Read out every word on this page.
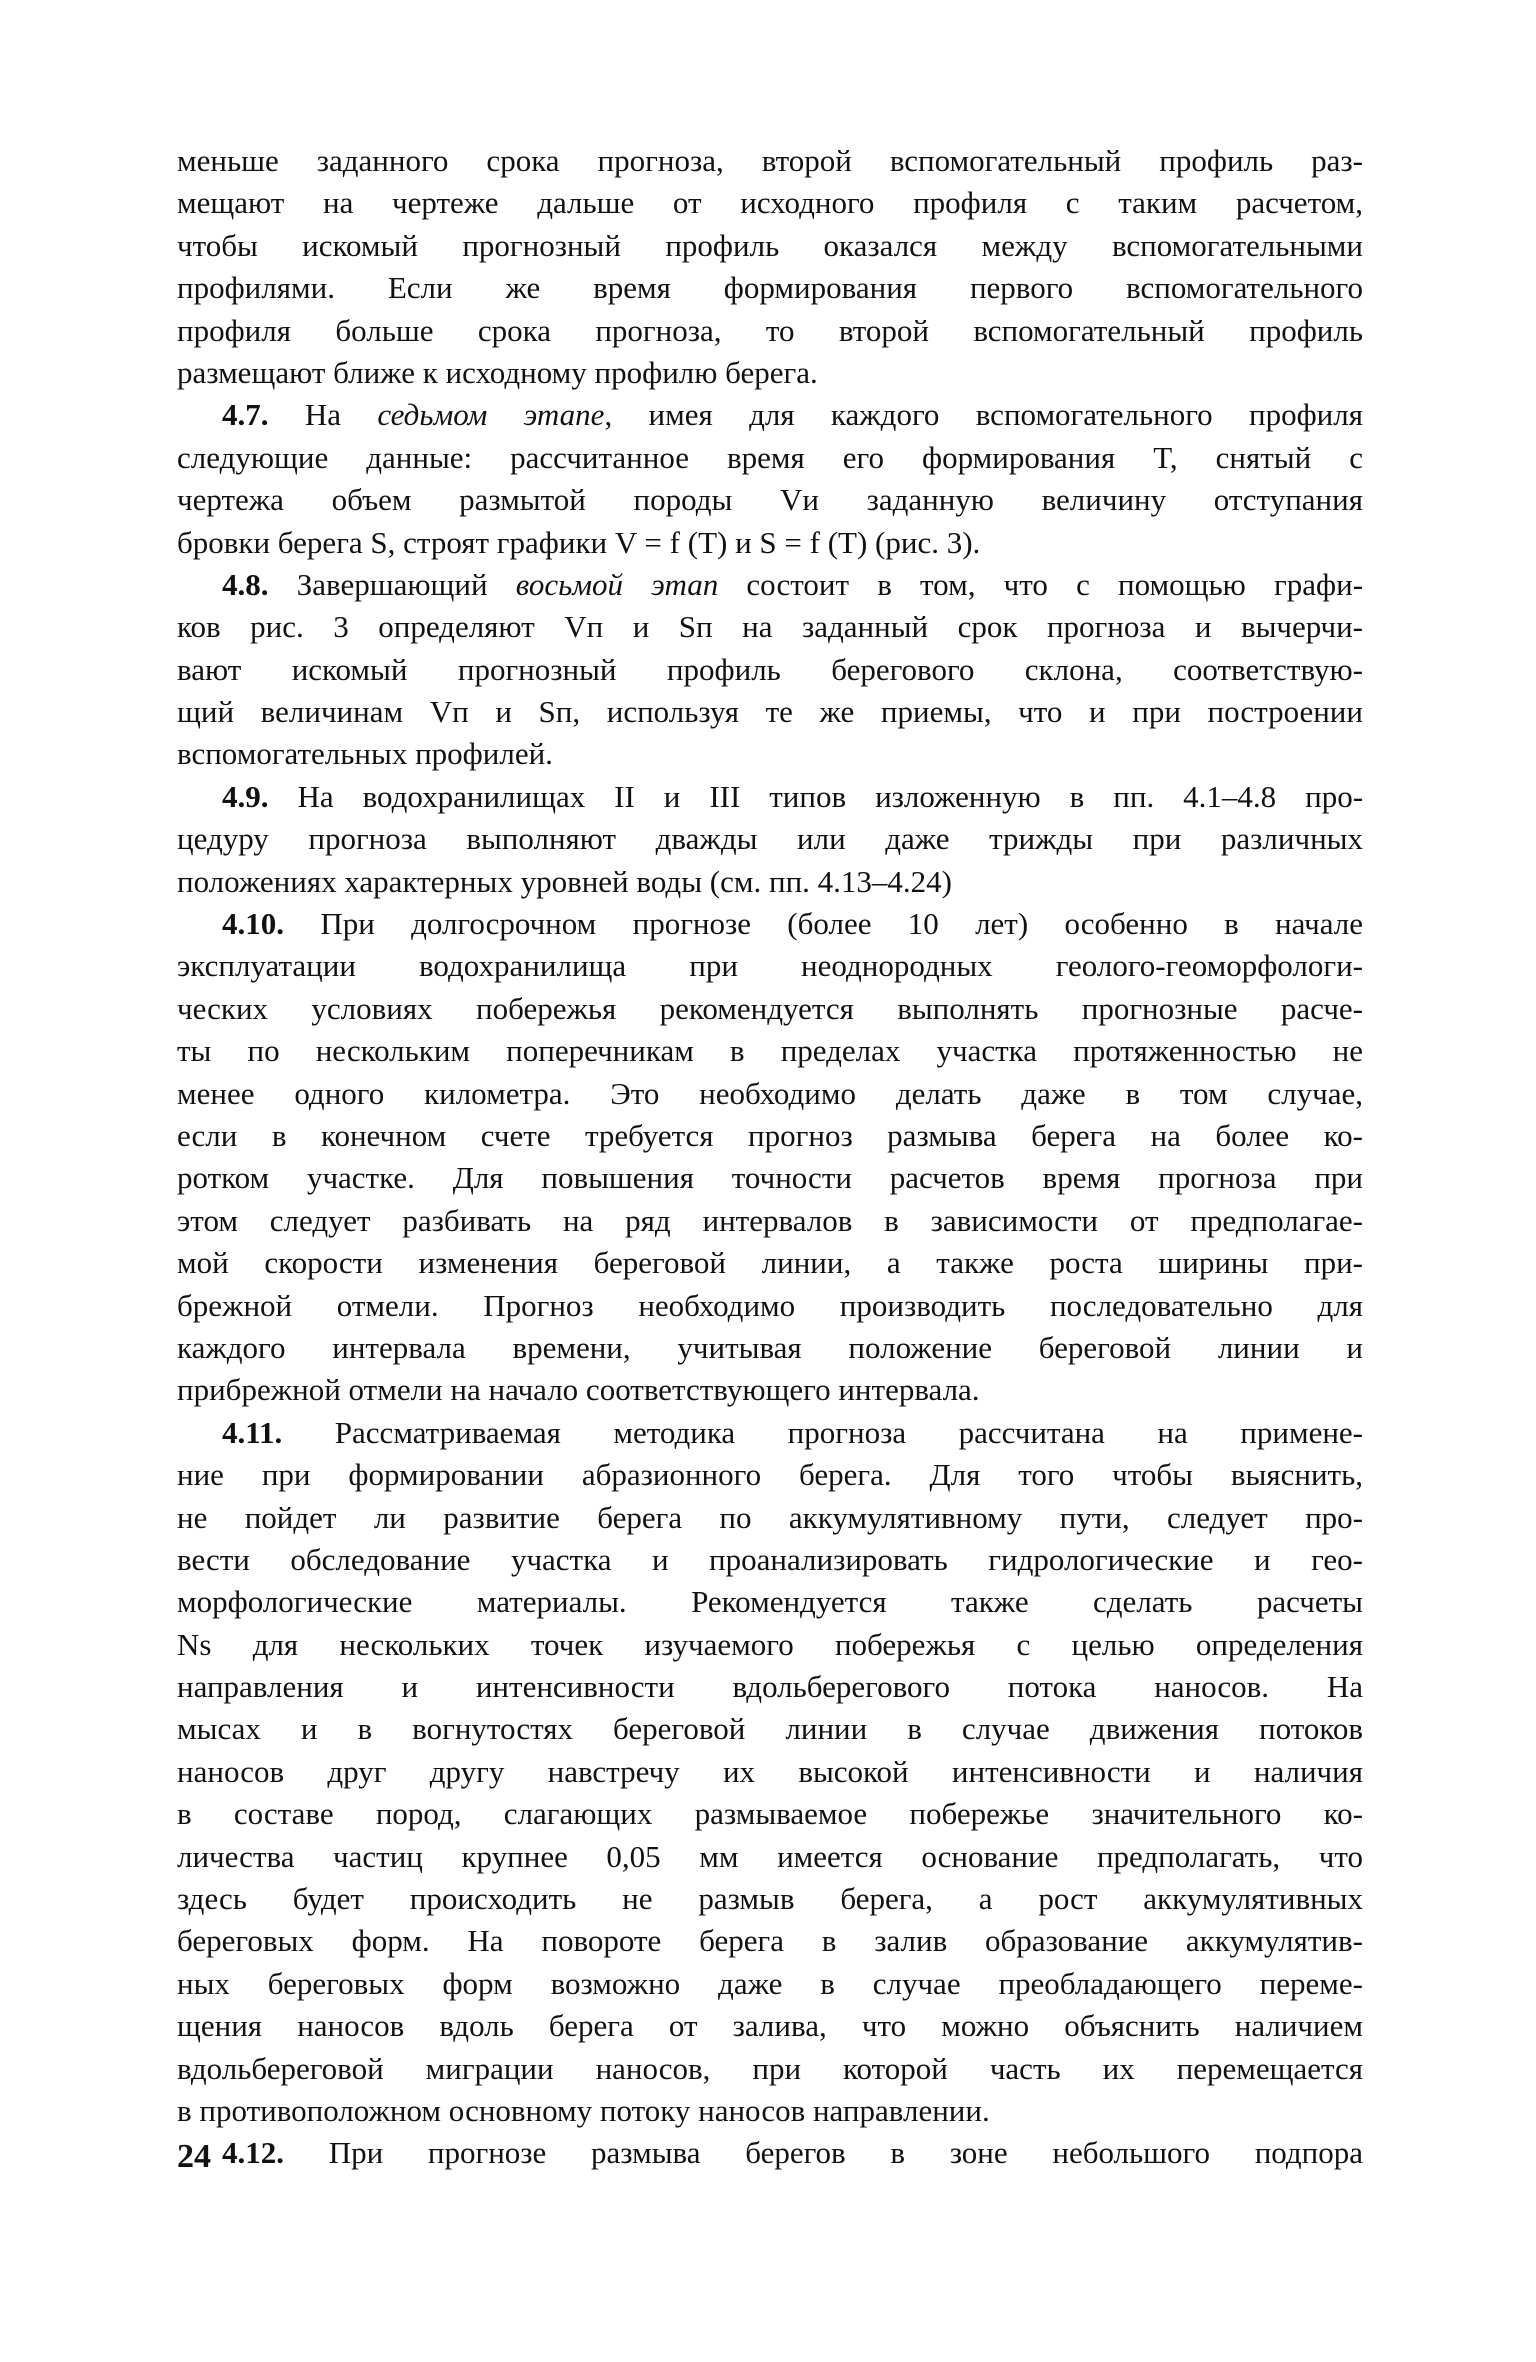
меньше заданного срока прогноза, второй вспомогательный профиль раз-
мещают на чертеже дальше от исходного профиля с таким расчетом,
чтобы искомый прогнозный профиль оказался между вспомогательными
профилями. Если же время формирования первого вспомогательного
профиля больше срока прогноза, то второй вспомогательный профиль
размещают ближе к исходному профилю берега.
4.7. На седьмом этапе, имея для каждого вспомогательного профиля
следующие данные: рассчитанное время его формирования T, снятый с
чертежа объем размытой породы Vи заданную величину отступания
бровки берега S, строят графики V = f (T) и S = f (T) (рис. 3).
4.8. Завершающий восьмой этап состоит в том, что с помощью графи-
ков рис. 3 определяют Vп и Sп на заданный срок прогноза и вычерчи-
вают искомый прогнозный профиль берегового склона, соответствую-
щий величинам Vп и Sп, используя те же приемы, что и при построении
вспомогательных профилей.
4.9. На водохранилищах II и III типов изложенную в пп. 4.1–4.8 про-
цедуру прогноза выполняют дважды или даже трижды при различных
положениях характерных уровней воды (см. пп. 4.13–4.24)
4.10. При долгосрочном прогнозе (более 10 лет) особенно в начале
эксплуатации водохранилища при неоднородных геолого-геоморфологи-
ческих условиях побережья рекомендуется выполнять прогнозные расче-
ты по нескольким поперечникам в пределах участка протяженностью не
менее одного километра. Это необходимо делать даже в том случае,
если в конечном счете требуется прогноз размыва берега на более ко-
ротком участке. Для повышения точности расчетов время прогноза при
этом следует разбивать на ряд интервалов в зависимости от предполагае-
мой скорости изменения береговой линии, а также роста ширины при-
брежной отмели. Прогноз необходимо производить последовательно для
каждого интервала времени, учитывая положение береговой линии и
прибрежной отмели на начало соответствующего интервала.
4.11. Рассматриваемая методика прогноза рассчитана на примене-
ние при формировании абразионного берега. Для того чтобы выяснить,
не пойдет ли развитие берега по аккумулятивному пути, следует про-
вести обследование участка и проанализировать гидрологические и гео-
морфологические материалы. Рекомендуется также сделать расчеты
Ns для нескольких точек изучаемого побережья с целью определения
направления и интенсивности вдольберегового потока наносов. На
мысах и в вогнутостях береговой линии в случае движения потоков
наносов друг другу навстречу их высокой интенсивности и наличия
в составе пород, слагающих размываемое побережье значительного ко-
личества частиц крупнее 0,05 мм имеется основание предполагать, что
здесь будет происходить не размыв берега, а рост аккумулятивных
береговых форм. На повороте берега в залив образование аккумулятив-
ных береговых форм возможно даже в случае преобладающего переме-
щения наносов вдоль берега от залива, что можно объяснить наличием
вдольбереговой миграции наносов, при которой часть их перемещается
в противоположном основному потоку наносов направлении.
4.12. При прогнозе размыва берегов в зоне небольшого подпора
24
